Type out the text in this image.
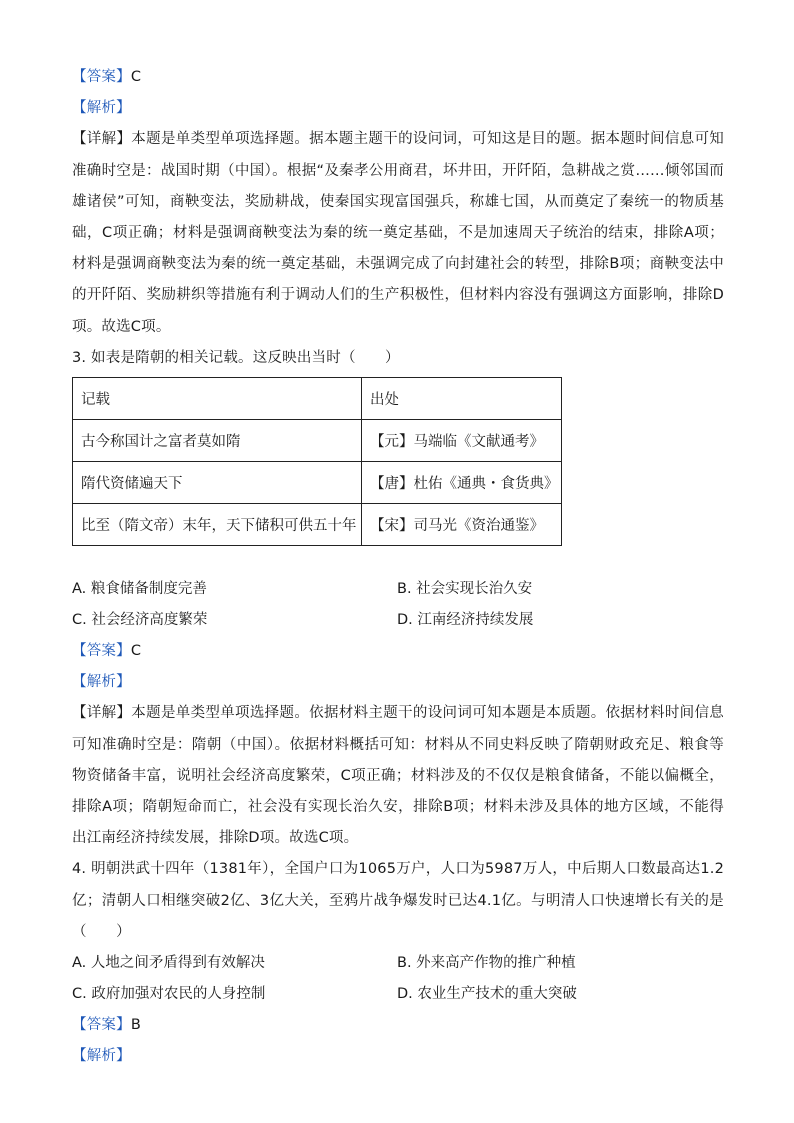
【答案】C
【解析】
【详解】本题是单类型单项选择题。据本题主题干的设问词，可知这是目的题。据本题时间信息可知准确时空是：战国时期（中国）。根据“及秦孝公用商君，坏井田，开阡陌，急耕战之赏……倾邻国而雄诸侯”可知，商鞅变法，奖励耕战，使秦国实现富国强兵，称雄七国，从而奠定了秦统一的物质基础，C项正确；材料是强调商鞅变法为秦的统一奠定基础，不是加速周天子统治的结束，排除A项；材料是强调商鞅变法为秦的统一奠定基础，未强调完成了向封建社会的转型，排除B项；商鞅变法中的开阡陌、奖励耕织等措施有利于调动人们的生产积极性，但材料内容没有强调这方面影响，排除D项。故选C项。
3. 如表是隋朝的相关记载。这反映出当时（　　）
记载	出处
古今称国计之富者莫如隋	【元】马端临《文献通考》
隋代资储遍天下	【唐】杜佑《通典・食货典》
比至（隋文帝）末年，天下储积可供五十年	【宋】司马光《资治通鉴》
A. 粮食储备制度完善	B. 社会实现长治久安
C. 社会经济高度繁荣	D. 江南经济持续发展
【答案】C
【解析】
【详解】本题是单类型单项选择题。依据材料主题干的设问词可知本题是本质题。依据材料时间信息可知准确时空是：隋朝（中国）。依据材料概括可知：材料从不同史料反映了隋朝财政充足、粮食等物资储备丰富，说明社会经济高度繁荣，C项正确；材料涉及的不仅仅是粮食储备，不能以偏概全，排除A项；隋朝短命而亡，社会没有实现长治久安，排除B项；材料未涉及具体的地方区域，不能得出江南经济持续发展，排除D项。故选C项。
4. 明朝洪武十四年（1381年），全国户口为1065万户，人口为5987万人，中后期人口数最高达1.2亿；清朝人口相继突破2亿、3亿大关，至鸦片战争爆发时已达4.1亿。与明清人口快速增长有关的是（　　）
A. 人地之间矛盾得到有效解决	B. 外来高产作物的推广种植
C. 政府加强对农民的人身控制	D. 农业生产技术的重大突破
【答案】B
【解析】
